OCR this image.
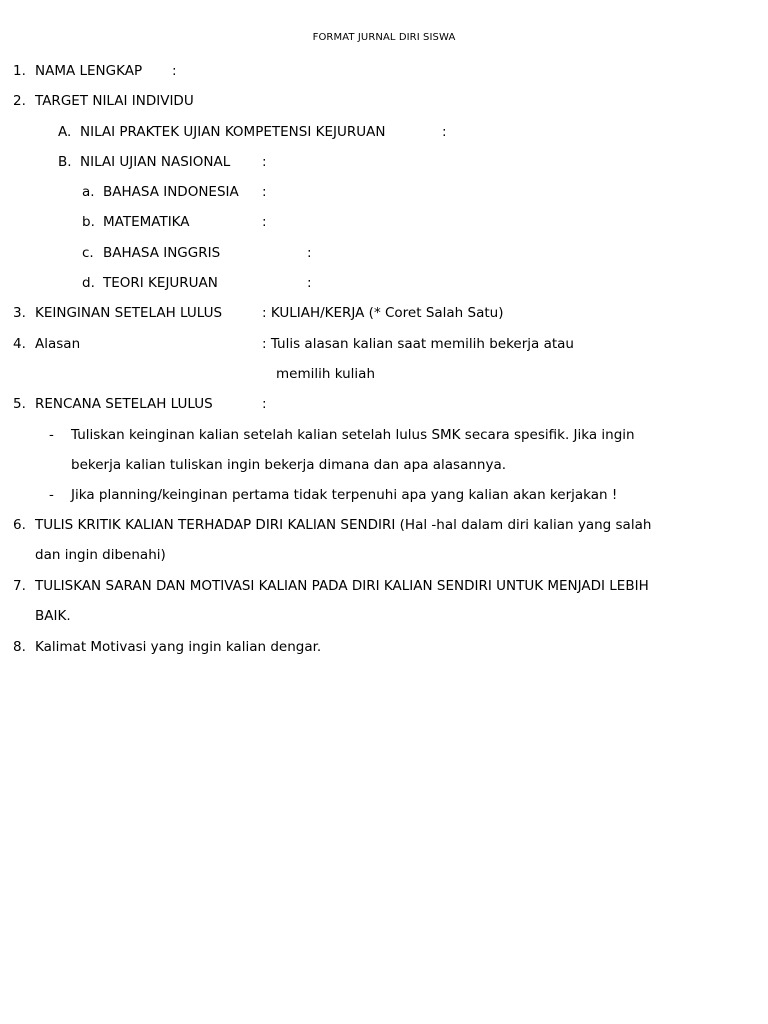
FORMAT JURNAL DIRI SISWA
1. NAMA LENGKAP :
2. TARGET NILAI INDIVIDU
A. NILAI PRAKTEK UJIAN KOMPETENSI KEJURUAN	:
B. NILAI UJIAN NASIONAL :
a. BAHASA INDONESIA :
b. MATEMATIKA	:
c. BAHASA INGGRIS	:
d. TEORI KEJURUAN	:
3. KEINGINAN SETELAH LULUS	: KULIAH/KERJA (* Coret Salah Satu)
4. Alasan	: Tulis alasan kalian saat memilih bekerja atau
memilih kuliah
5. RENCANA SETELAH LULUS	:
- Tuliskan keinginan kalian setelah kalian setelah lulus SMK secara spesifik. Jika ingin
bekerja kalian tuliskan ingin bekerja dimana dan apa alasannya.
- Jika planning/keinginan pertama tidak terpenuhi apa yang kalian akan kerjakan !
6. TULIS KRITIK KALIAN TERHADAP DIRI KALIAN SENDIRI (Hal -hal dalam diri kalian yang salah
dan ingin dibenahi)
7. TULISKAN SARAN DAN MOTIVASI KALIAN PADA DIRI KALIAN SENDIRI UNTUK MENJADI LEBIH
BAIK.
8. Kalimat Motivasi yang ingin kalian dengar.
